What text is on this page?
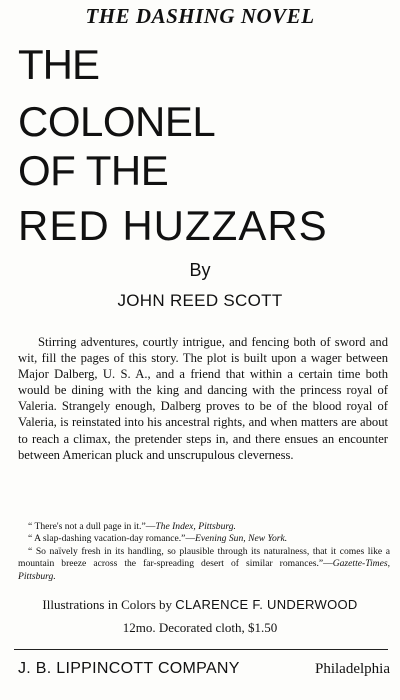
THE DASHING NOVEL
THE
COLONEL
OF THE
RED HUZZARS
By
JOHN REED SCOTT
Stirring adventures, courtly intrigue, and fencing both of sword and wit, fill the pages of this story. The plot is built upon a wager between Major Dalberg, U. S. A., and a friend that within a certain time both would be dining with the king and dancing with the princess royal of Valeria. Strangely enough, Dalberg proves to be of the blood royal of Valeria, is reinstated into his ancestral rights, and when matters are about to reach a climax, the pretender steps in, and there ensues an encounter between American pluck and unscrupulous cleverness.
“ There's not a dull page in it.”—The Index, Pittsburg.
“ A slap-dashing vacation-day romance.”—Evening Sun, New York.
“ So naïvely fresh in its handling, so plausible through its naturalness, that it comes like a mountain breeze across the far-spreading desert of similar romances.”—Gazette-Times, Pittsburg.
Illustrations in Colors by CLARENCE F. UNDERWOOD
12mo. Decorated cloth, $1.50
J. B. LIPPINCOTT COMPANY	Philadelphia
